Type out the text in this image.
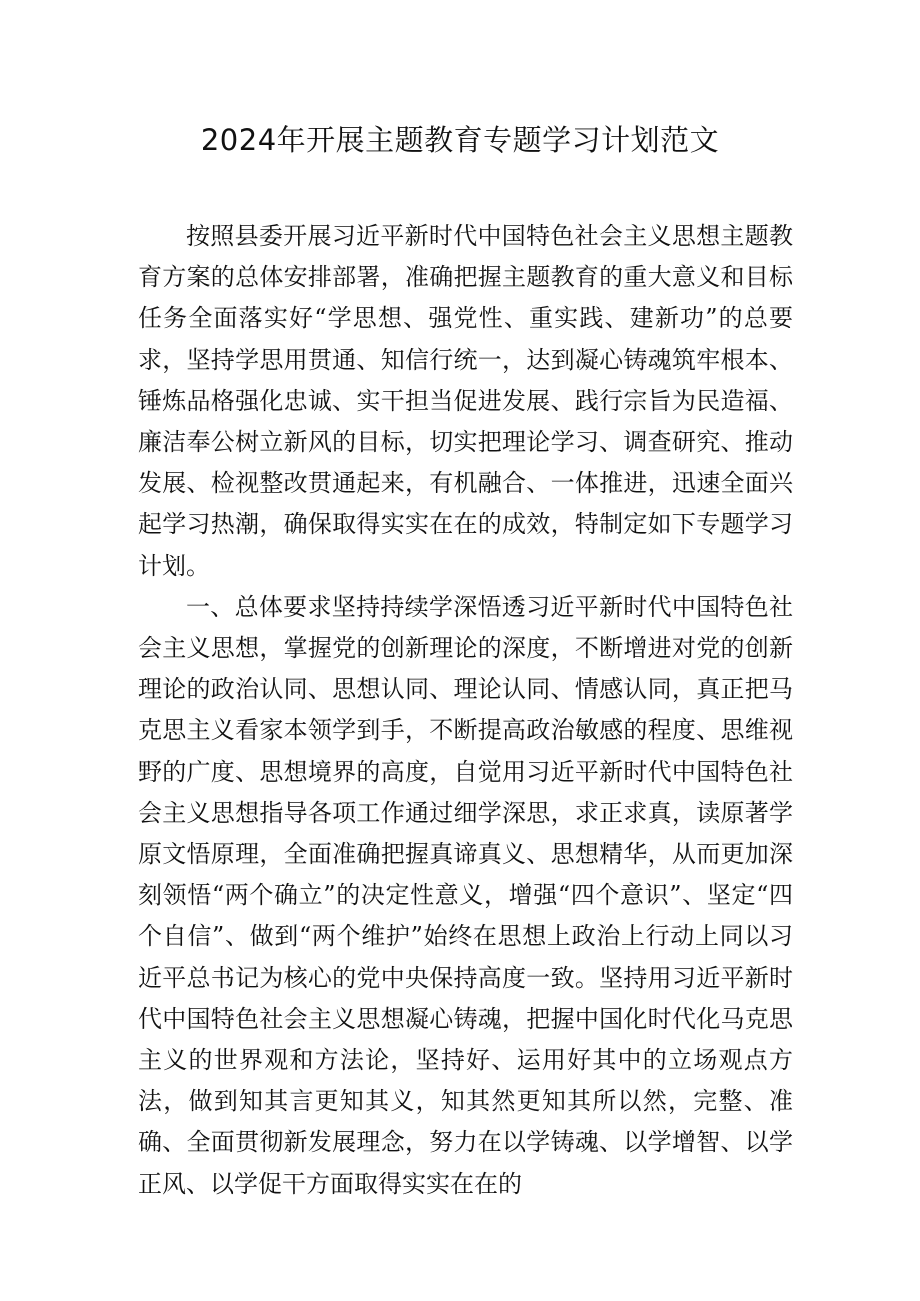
2024年开展主题教育专题学习计划范文

按照县委开展习近平新时代中国特色社会主义思想主题教育方案的总体安排部署，准确把握主题教育的重大意义和目标任务全面落实好“学思想、强党性、重实践、建新功”的总要求，坚持学思用贯通、知信行统一，达到凝心铸魂筑牢根本、锤炼品格强化忠诚、实干担当促进发展、践行宗旨为民造福、廉洁奉公树立新风的目标，切实把理论学习、调查研究、推动发展、检视整改贯通起来，有机融合、一体推进，迅速全面兴起学习热潮，确保取得实实在在的成效，特制定如下专题学习计划。

一、总体要求坚持持续学深悟透习近平新时代中国特色社会主义思想，掌握党的创新理论的深度，不断增进对党的创新理论的政治认同、思想认同、理论认同、情感认同，真正把马克思主义看家本领学到手，不断提高政治敏感的程度、思维视野的广度、思想境界的高度，自觉用习近平新时代中国特色社会主义思想指导各项工作通过细学深思，求正求真，读原著学原文悟原理，全面准确把握真谛真义、思想精华，从而更加深刻领悟“两个确立”的决定性意义，增强“四个意识”、坚定“四个自信”、做到“两个维护”始终在思想上政治上行动上同以习近平总书记为核心的党中央保持高度一致。坚持用习近平新时代中国特色社会主义思想凝心铸魂，把握中国化时代化马克思主义的世界观和方法论，坚持好、运用好其中的立场观点方法，做到知其言更知其义，知其然更知其所以然，完整、准确、全面贯彻新发展理念，努力在以学铸魂、以学增智、以学正风、以学促干方面取得实实在在的
